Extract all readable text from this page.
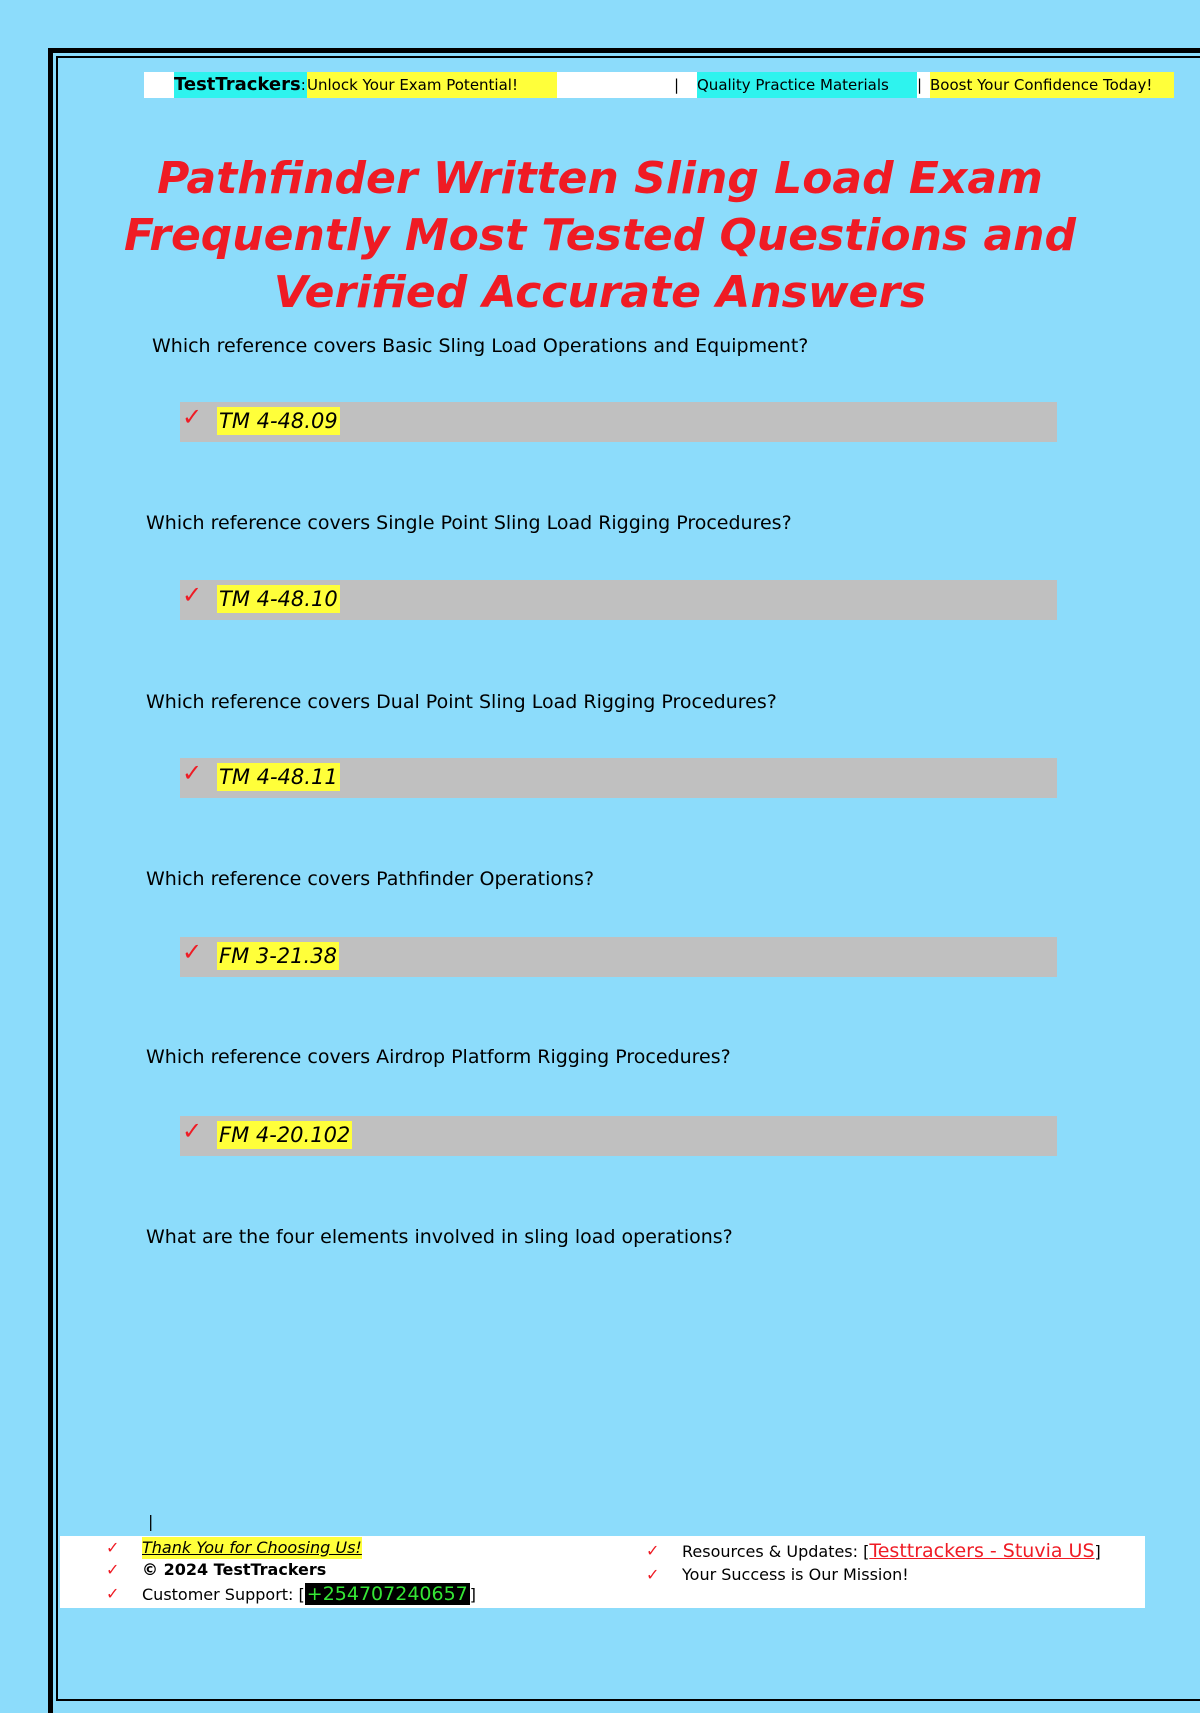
TestTrackers: Unlock Your Exam Potential!	| Quality Practice Materials	| Boost Your Confidence Today!
Pathfinder Written Sling Load Exam
Frequently Most Tested Questions and
Verified Accurate Answers
Which reference covers Basic Sling Load Operations and Equipment?
✓ TM 4-48.09
Which reference covers Single Point Sling Load Rigging Procedures?
✓ TM 4-48.10
Which reference covers Dual Point Sling Load Rigging Procedures?
✓ TM 4-48.11
Which reference covers Pathfinder Operations?
✓ FM 3-21.38
Which reference covers Airdrop Platform Rigging Procedures?
✓ FM 4-20.102
What are the four elements involved in sling load operations?
|
✓ Thank You for Choosing Us!
✓ © 2024 TestTrackers
✓ Customer Support: [ +254707240657 ]
✓ Resources & Updates: [Testtrackers - Stuvia US]
✓ Your Success is Our Mission!
